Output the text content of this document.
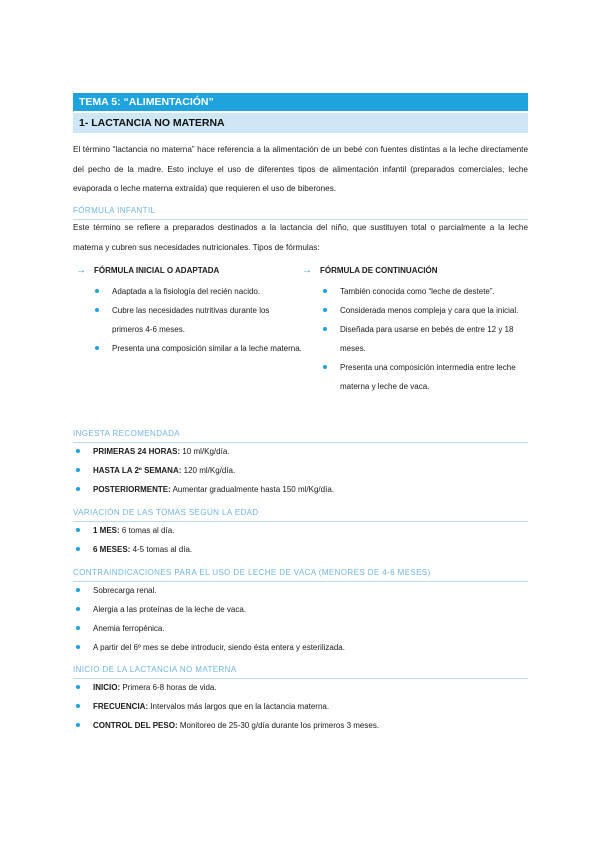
TEMA 5: “ALIMENTACIÓN”
1- LACTANCIA NO MATERNA

El término “lactancia no materna” hace referencia a la alimentación de un bebé con fuentes distintas a la leche directamente del pecho de la madre. Esto incluye el uso de diferentes tipos de alimentación infantil (preparados comerciales, leche evaporada o leche materna extraída) que requieren el uso de biberones.

FÓRMULA INFANTIL

Este término se refiere a preparados destinados a la lactancia del niño, que sustituyen total o parcialmente a la leche materna y cubren sus necesidades nutricionales. Tipos de fórmulas:

→ FÓRMULA INICIAL O ADAPTADA
Adaptada a la fisiología del recién nacido.
Cubre las necesidades nutritivas durante los primeros 4-6 meses.
Presenta una composición similar a la leche materna.
→ FÓRMULA DE CONTINUACIÓN
También conocida como “leche de destete”.
Considerada menos compleja y cara que la inicial.
Diseñada para usarse en bebés de entre 12 y 18 meses.
Presenta una composición intermedia entre leche materna y leche de vaca.
INGESTA RECOMENDADA
PRIMERAS 24 HORAS: 10 ml/Kg/día.
HASTA LA 2º SEMANA: 120 ml/Kg/día.
POSTERIORMENTE: Aumentar gradualmente hasta 150 ml/Kg/día.
VARIACIÓN DE LAS TOMAS SEGÚN LA EDAD
1 MES: 6 tomas al día.
6 MESES: 4-5 tomas al día.
CONTRAINDICACIONES PARA EL USO DE LECHE DE VACA (MENORES DE 4-6 MESES)
Sobrecarga renal.
Alergia a las proteínas de la leche de vaca.
Anemia ferropénica.
A partir del 6º mes se debe introducir, siendo ésta entera y esterilizada.
INICIO DE LA LACTANCIA NO MATERNA
INICIO: Primera 6-8 horas de vida.
FRECUENCIA: Intervalos más largos que en la lactancia materna.
CONTROL DEL PESO: Monitoreo de 25-30 g/día durante los primeros 3 meses.
